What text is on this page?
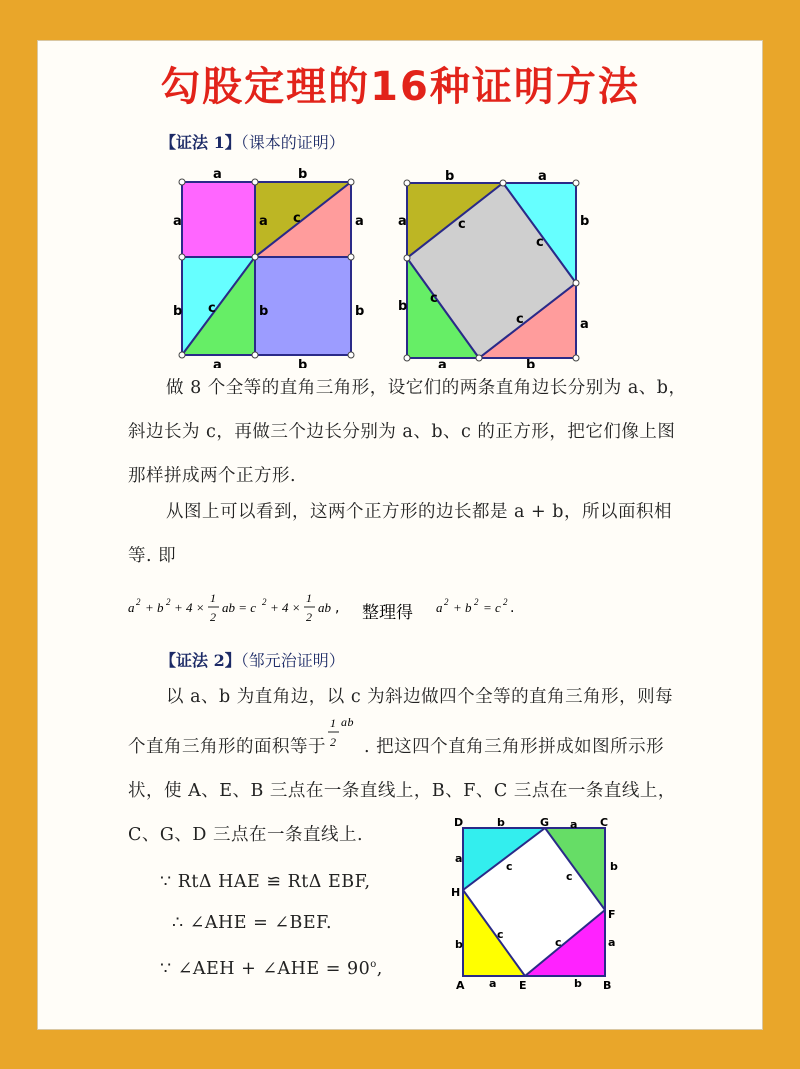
勾股定理的16种证明方法
【证法 1】（课本的证明）
a	b
a	a c	a
b c	b	b
a	b
b	a
a	c
c
b
c
c
b
a
a	b
做 8 个全等的直角三角形，设它们的两条直角边长分别为 a、b，
斜边长为 c，再做三个边长分别为 a、b、c 的正方形，把它们像上图
那样拼成两个正方形.
从图上可以看到，这两个正方形的边长都是 a + b，所以面积相
等. 即
a 2 + b 2 + 4 ×
1
2
ab = c 2 + 4 ×
1
2
ab , 整理得 a 2 + b 2 = c 2 .
【证法 2】（邹元治证明）
以 a、b 为直角边，以 c 为斜边做四个全等的直角三角形，则每
个直角三角形的面积等于
1
2
ab
. 把这四个直角三角形拼成如图所示形
状，使 A、E、B 三点在一条直线上，B、F、C 三点在一条直线上，
C、G、D 三点在一条直线上.
∵ RtΔ HAE ≌ RtΔ EBF,
∴ ∠AHE = ∠BEF.
∵ ∠AEH + ∠AHE = $90^o$,
D	G	C
H
F
A	E	B
b	a
a
b
b	a
a	b
c
c
c
c
